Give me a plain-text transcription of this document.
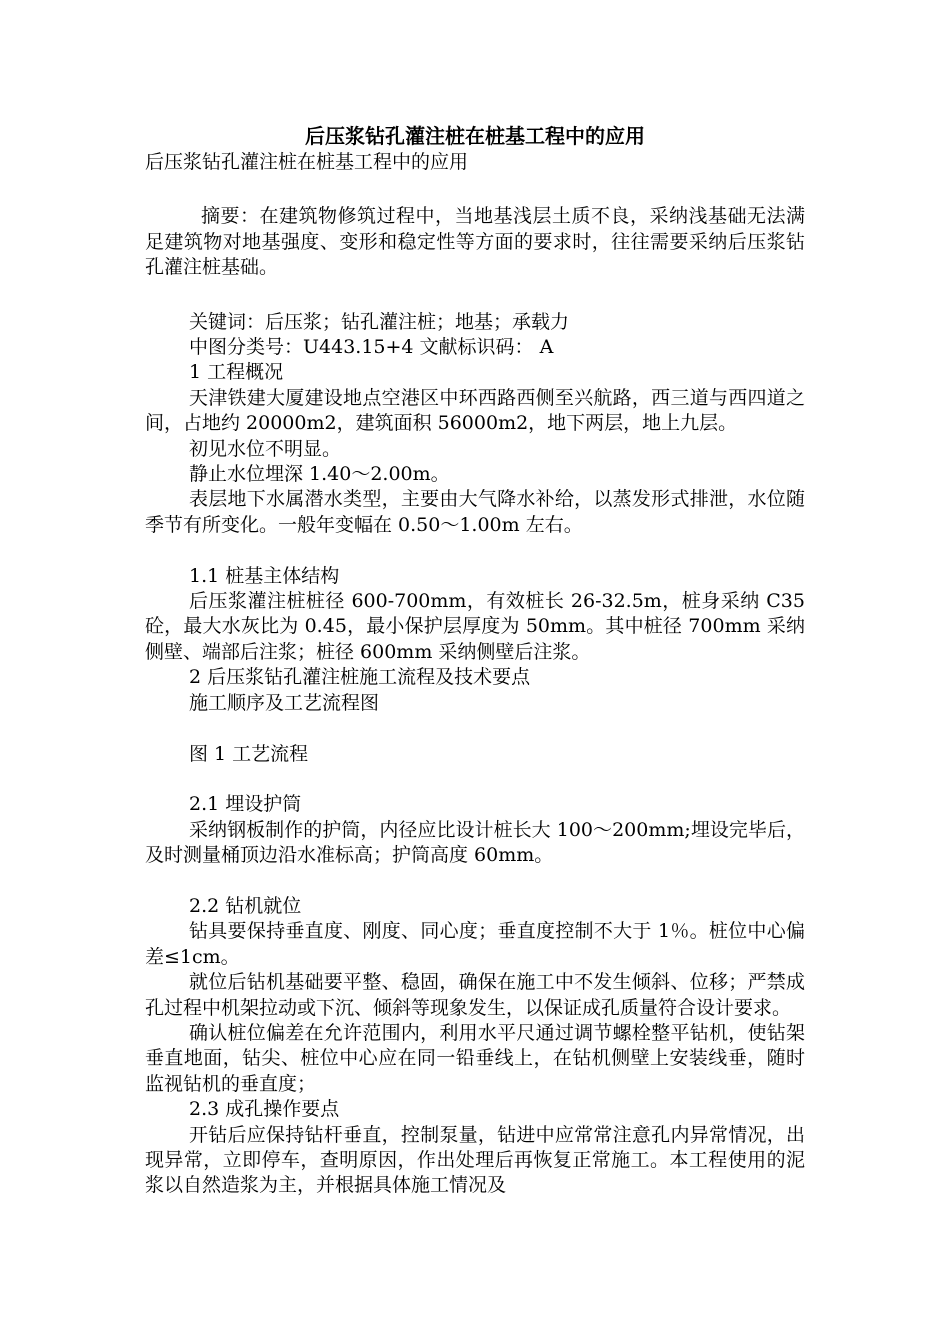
后压浆钻孔灌注桩在桩基工程中的应用

后压浆钻孔灌注桩在桩基工程中的应用

摘要：在建筑物修筑过程中，当地基浅层土质不良，采纳浅基础无法满足建筑物对地基强度、变形和稳定性等方面的要求时，往往需要采纳后压浆钻孔灌注桩基础。

关键词：后压浆；钻孔灌注桩；地基；承载力

中图分类号：U443.15+4 文献标识码： A

1 工程概况

天津铁建大厦建设地点空港区中环西路西侧至兴航路，西三道与西四道之间，占地约 20000m2，建筑面积 56000m2，地下两层，地上九层。

初见水位不明显。

静止水位埋深 1.40～2.00m。

表层地下水属潜水类型，主要由大气降水补给，以蒸发形式排泄，水位随季节有所变化。一般年变幅在 0.50～1.00m 左右。

1.1 桩基主体结构

后压浆灌注桩桩径 600-700mm，有效桩长 26-32.5m，桩身采纳 C35 砼，最大水灰比为 0.45，最小保护层厚度为 50mm。其中桩径 700mm 采纳侧壁、端部后注浆；桩径 600mm 采纳侧壁后注浆。

2 后压浆钻孔灌注桩施工流程及技术要点

施工顺序及工艺流程图

图 1 工艺流程

2.1 埋设护筒

采纳钢板制作的护筒，内径应比设计桩长大 100～200mm;埋设完毕后，及时测量桶顶边沿水准标高；护筒高度 60mm。

2.2 钻机就位

钻具要保持垂直度、刚度、同心度；垂直度控制不大于 1％。桩位中心偏差≤1cm。

就位后钻机基础要平整、稳固，确保在施工中不发生倾斜、位移；严禁成孔过程中机架拉动或下沉、倾斜等现象发生，以保证成孔质量符合设计要求。

确认桩位偏差在允许范围内，利用水平尺通过调节螺栓整平钻机，使钻架垂直地面，钻尖、桩位中心应在同一铅垂线上，在钻机侧壁上安装线垂，随时监视钻机的垂直度；

2.3 成孔操作要点

开钻后应保持钻杆垂直，控制泵量，钻进中应常常注意孔内异常情况，出现异常，立即停车，查明原因，作出处理后再恢复正常施工。本工程使用的泥浆以自然造浆为主，并根据具体施工情况及
